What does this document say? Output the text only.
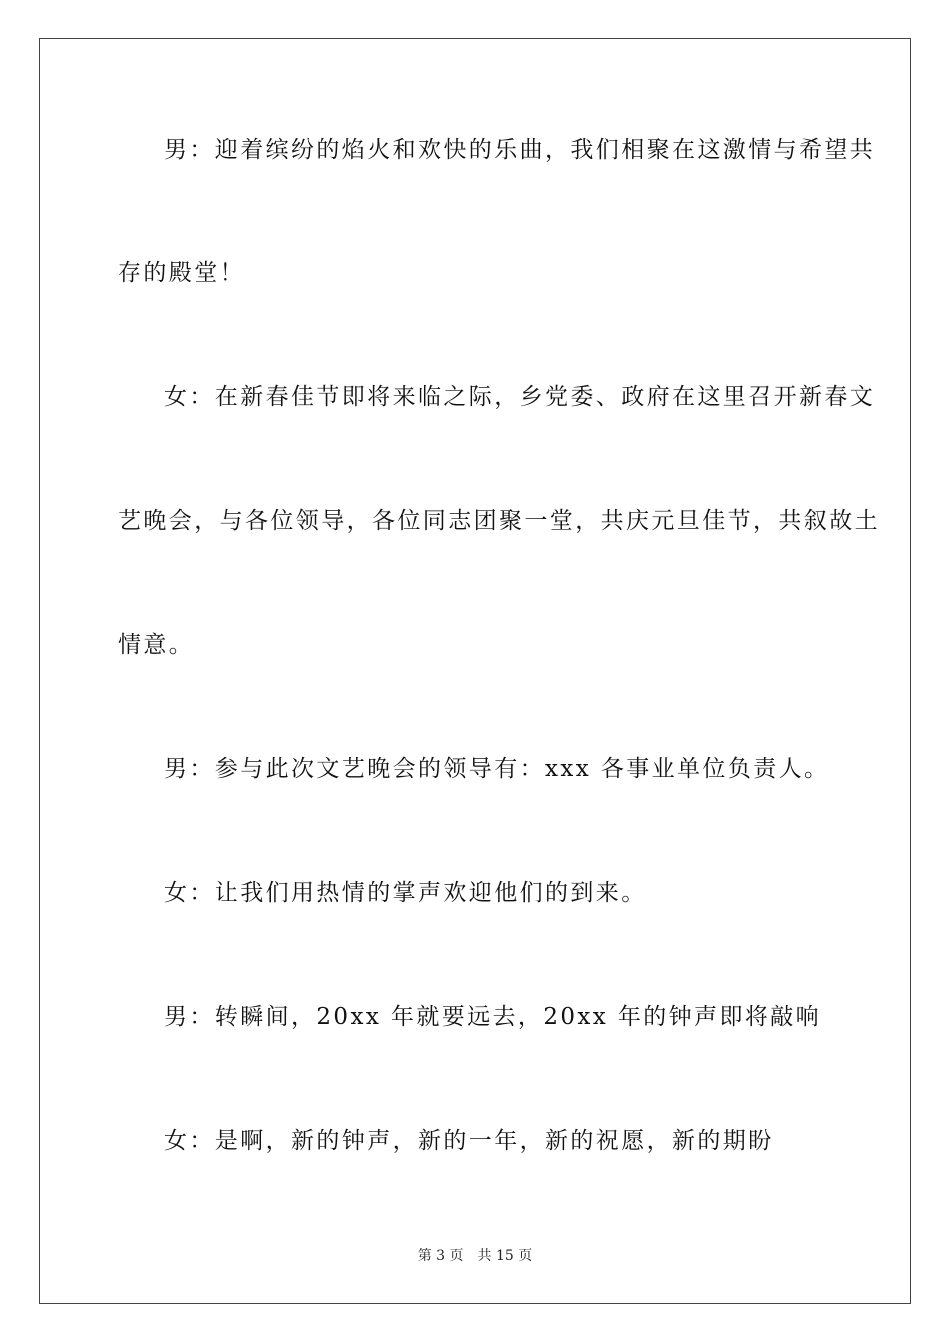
男：迎着缤纷的焰火和欢快的乐曲，我们相聚在这激情与希望共
存的殿堂！
女：在新春佳节即将来临之际，乡党委、政府在这里召开新春文
艺晚会，与各位领导，各位同志团聚一堂，共庆元旦佳节，共叙故土
情意。
男：参与此次文艺晚会的领导有：xxx 各事业单位负责人。
女：让我们用热情的掌声欢迎他们的到来。
男：转瞬间，20xx 年就要远去，20xx 年的钟声即将敲响
女：是啊，新的钟声，新的一年，新的祝愿，新的期盼
第 3 页　共 15 页
